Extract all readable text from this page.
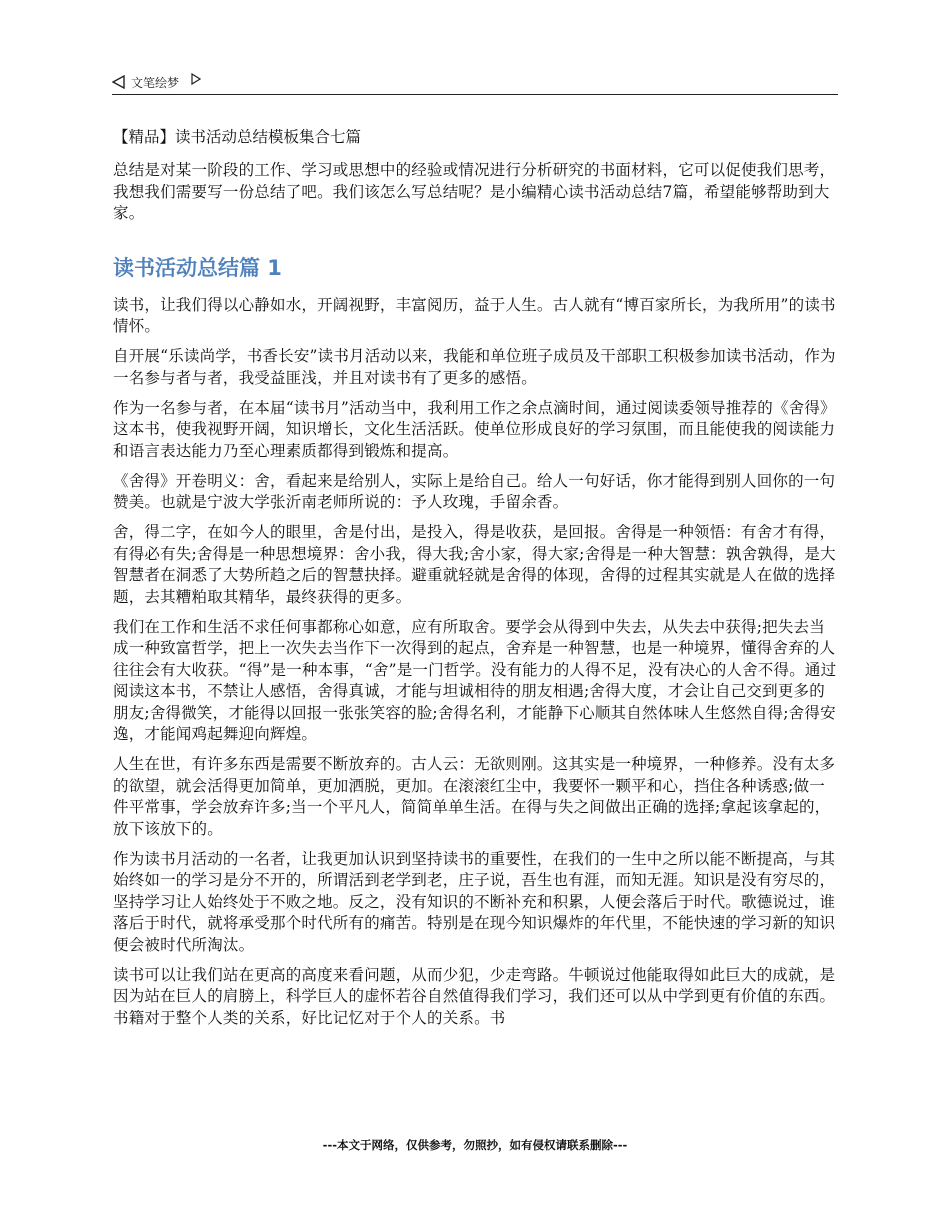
文笔绘梦
【精品】读书活动总结模板集合七篇

总结是对某一阶段的工作、学习或思想中的经验或情况进行分析研究的书面材料，它可以促使我们思考，我想我们需要写一份总结了吧。我们该怎么写总结呢？是小编精心读书活动总结7篇，希望能够帮助到大家。

读书活动总结篇 1

读书，让我们得以心静如水，开阔视野，丰富阅历，益于人生。古人就有“博百家所长，为我所用”的读书情怀。

自开展“乐读尚学，书香长安”读书月活动以来，我能和单位班子成员及干部职工积极参加读书活动，作为一名参与者与者，我受益匪浅，并且对读书有了更多的感悟。

作为一名参与者，在本届“读书月”活动当中，我利用工作之余点滴时间，通过阅读委领导推荐的《舍得》这本书，使我视野开阔，知识增长，文化生活活跃。使单位形成良好的学习氛围，而且能使我的阅读能力和语言表达能力乃至心理素质都得到锻炼和提高。

《舍得》开卷明义：舍，看起来是给别人，实际上是给自己。给人一句好话，你才能得到别人回你的一句赞美。也就是宁波大学张沂南老师所说的：予人玫瑰，手留余香。

舍，得二字，在如今人的眼里，舍是付出，是投入，得是收获，是回报。舍得是一种领悟：有舍才有得，有得必有失;舍得是一种思想境界：舍小我，得大我;舍小家，得大家;舍得是一种大智慧：孰舍孰得，是大智慧者在洞悉了大势所趋之后的智慧抉择。避重就轻就是舍得的体现，舍得的过程其实就是人在做的选择题，去其糟粕取其精华，最终获得的更多。

我们在工作和生活不求任何事都称心如意，应有所取舍。要学会从得到中失去，从失去中获得;把失去当成一种致富哲学，把上一次失去当作下一次得到的起点，舍弃是一种智慧，也是一种境界，懂得舍弃的人往往会有大收获。“得”是一种本事，“舍”是一门哲学。没有能力的人得不足，没有决心的人舍不得。通过阅读这本书，不禁让人感悟，舍得真诚，才能与坦诚相待的朋友相遇;舍得大度，才会让自己交到更多的朋友;舍得微笑，才能得以回报一张张笑容的脸;舍得名利，才能静下心顺其自然体味人生悠然自得;舍得安逸，才能闻鸡起舞迎向辉煌。

人生在世，有许多东西是需要不断放弃的。古人云：无欲则刚。这其实是一种境界，一种修养。没有太多的欲望，就会活得更加简单，更加洒脱，更加。在滚滚红尘中，我要怀一颗平和心，挡住各种诱惑;做一件平常事，学会放弃许多;当一个平凡人，简简单单生活。在得与失之间做出正确的选择;拿起该拿起的，放下该放下的。

作为读书月活动的一名者，让我更加认识到坚持读书的重要性，在我们的一生中之所以能不断提高，与其始终如一的学习是分不开的，所谓活到老学到老，庄子说，吾生也有涯，而知无涯。知识是没有穷尽的，坚持学习让人始终处于不败之地。反之，没有知识的不断补充和积累，人便会落后于时代。歌德说过，谁落后于时代，就将承受那个时代所有的痛苦。特别是在现今知识爆炸的年代里，不能快速的学习新的知识便会被时代所淘汰。

读书可以让我们站在更高的高度来看问题，从而少犯，少走弯路。牛顿说过他能取得如此巨大的成就，是因为站在巨人的肩膀上，科学巨人的虚怀若谷自然值得我们学习，我们还可以从中学到更有价值的东西。书籍对于整个人类的关系，好比记忆对于个人的关系。书

---本文于网络，仅供参考，勿照抄，如有侵权请联系删除---
